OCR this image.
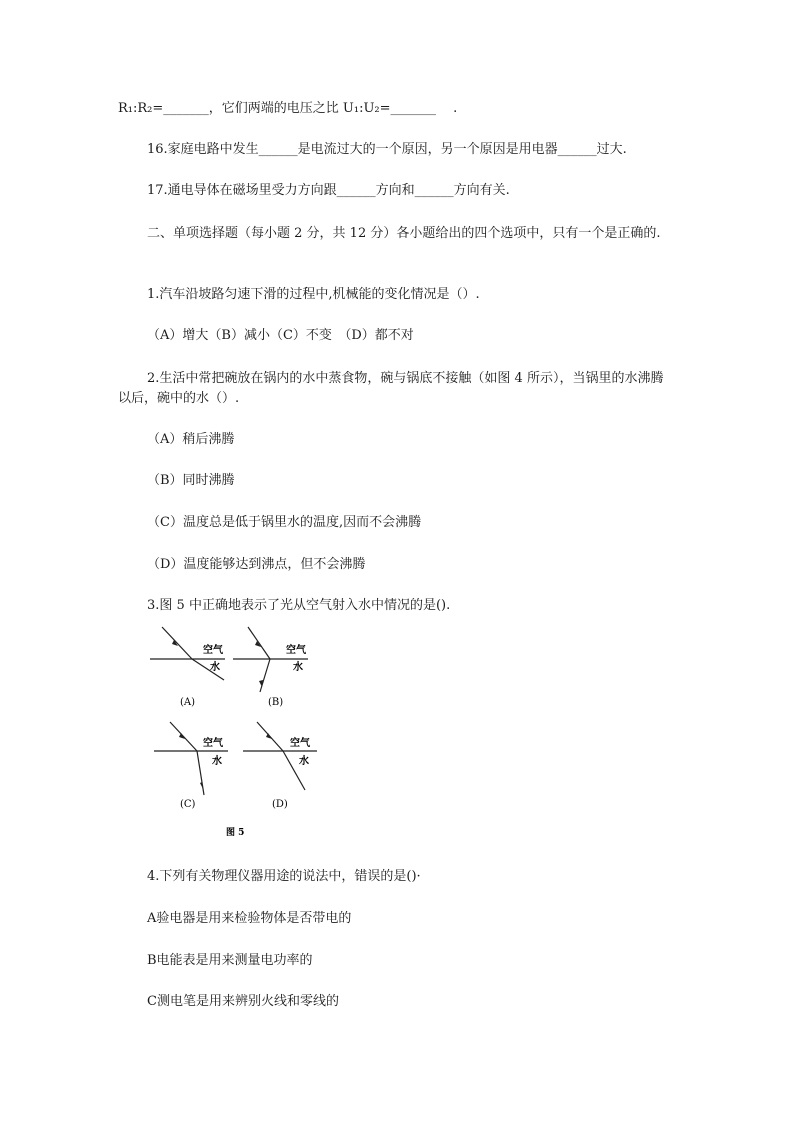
R₁:R₂=_______，它们两端的电压之比 U₁:U₂=_______　 .
16.家庭电路中发生______是电流过大的一个原因，另一个原因是用电器______过大.
17.通电导体在磁场里受力方向跟______方向和______方向有关.
二、单项选择题（每小题 2 分，共 12 分）各小题给出的四个选项中，只有一个是正确的.
1.汽车沿坡路匀速下滑的过程中,机械能的变化情况是（）.
（A）增大（B）减小（C）不变　（D）都不对
2.生活中常把碗放在锅内的水中蒸食物，碗与锅底不接触（如图 4 所示），当锅里的水沸腾以后，碗中的水（）.
（A）稍后沸腾
（B）同时沸腾
（C）温度总是低于锅里水的温度,因而不会沸腾
（D）温度能够达到沸点，但不会沸腾
3.图 5 中正确地表示了光从空气射入水中情况的是().
空气
水
(A)
空气
水
(B)
空气
水
(C)
空气
水
(D)
图 5
4.下列有关物理仪器用途的说法中，错误的是()·
A验电器是用来检验物体是否带电的
B电能表是用来测量电功率的
C测电笔是用来辨别火线和零线的
